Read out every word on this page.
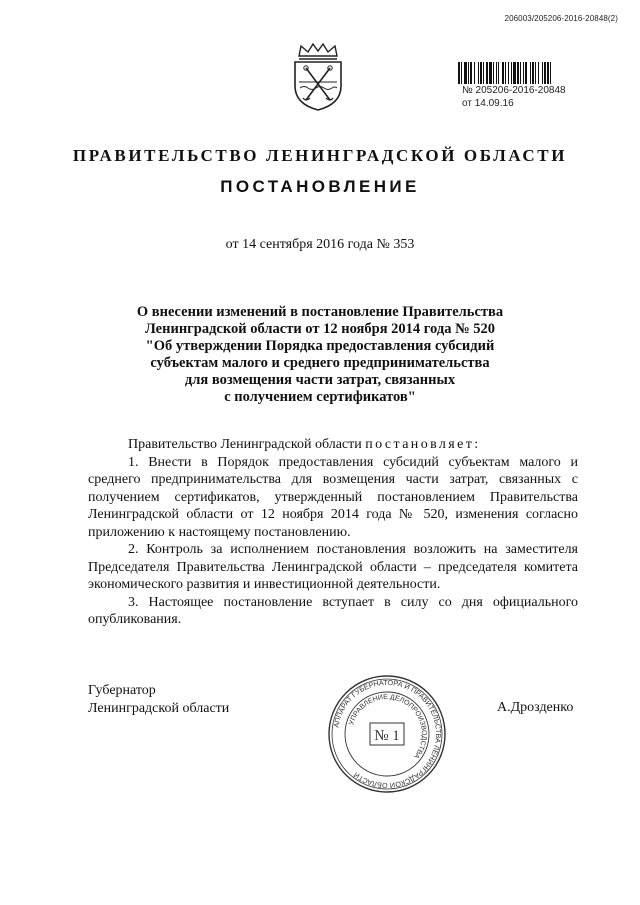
206003/205206-2016-20848(2)
№ 205206-2016-20848
от 14.09.16
ПРАВИТЕЛЬСТВО ЛЕНИНГРАДСКОЙ ОБЛАСТИ
ПОСТАНОВЛЕНИЕ
от 14 сентября 2016 года № 353
О внесении изменений в постановление Правительства
Ленинградской области от 12 ноября 2014 года № 520
"Об утверждении Порядка предоставления субсидий
субъектам малого и среднего предпринимательства
для возмещения части затрат, связанных
с получением сертификатов"

Правительство Ленинградской области постановляет:

1. Внести в Порядок предоставления субсидий субъектам малого и среднего предпринимательства для возмещения части затрат, связанных с получением сертификатов, утвержденный постановлением Правительства Ленинградской области от 12 ноября 2014 года № 520, изменения согласно приложению к настоящему постановлению.

2. Контроль за исполнением постановления возложить на заместителя Председателя Правительства Ленинградской области – председателя комитета экономического развития и инвестиционной деятельности.

3. Настоящее постановление вступает в силу со дня официального опубликования.

Губернатор
Ленинградской области	А.Дрозденко
АППАРАТ ГУБЕРНАТОРА И ПРАВИТЕЛЬСТВА ЛЕНИНГРАДСКОЙ ОБЛАСТИ
УПРАВЛЕНИЕ ДЕЛОПРОИЗВОДСТВА
№ 1
